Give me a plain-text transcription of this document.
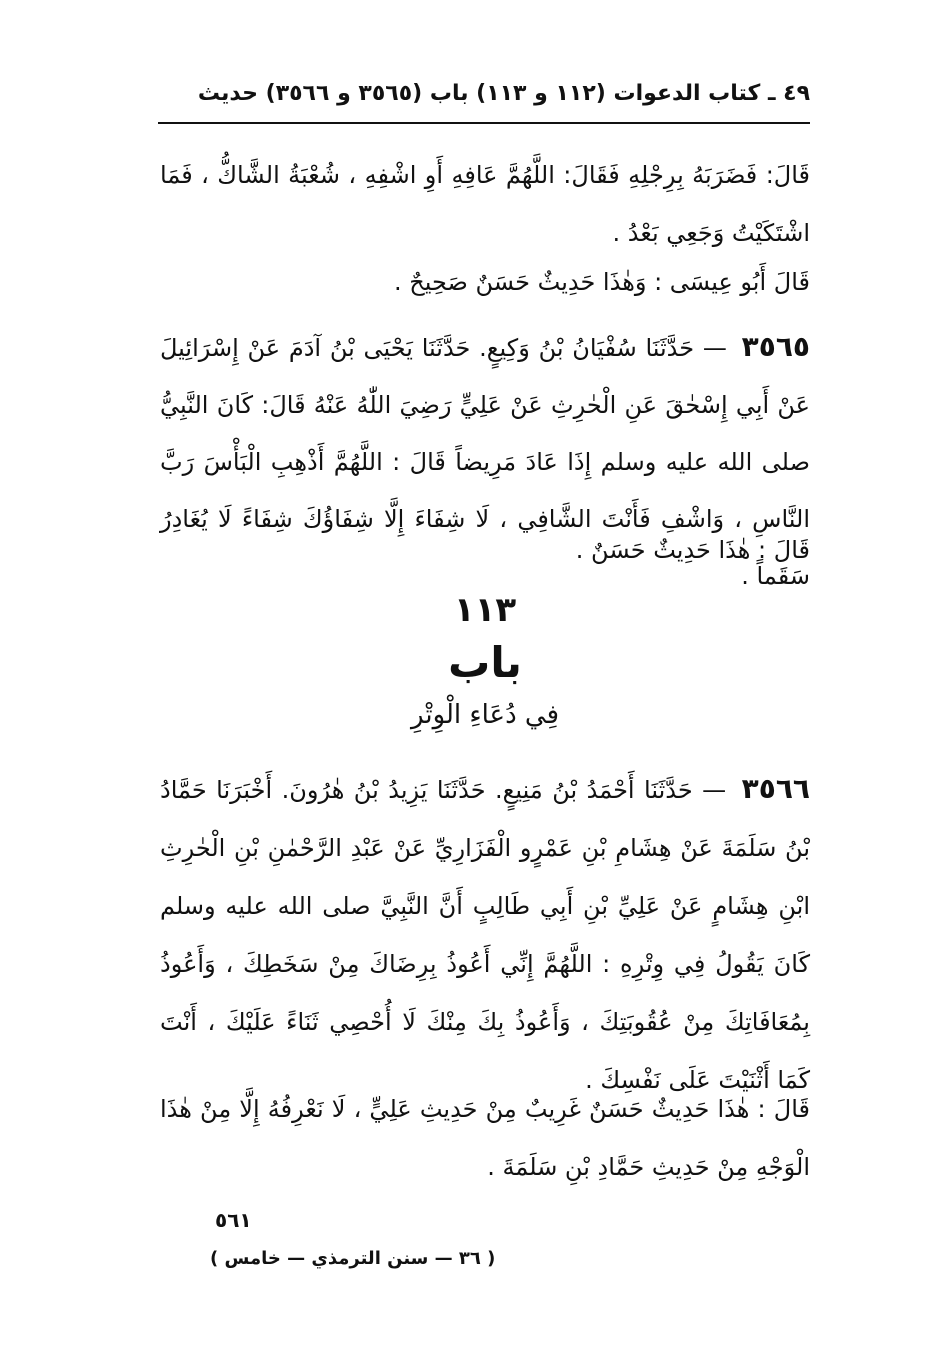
٤٩ ـ كتاب الدعوات (١١٢ و ١١٣) باب (٣٥٦٥ و ٣٥٦٦) حديث
قَالَ: فَضَرَبَهُ بِرِجْلِهِ فَقَالَ: اللَّهُمَّ عَافِهِ أَوِ اشْفِهِ ، شُعْبَةُ الشَّاكُّ ، فَمَا اشْتَكَيْتُ وَجَعِي بَعْدُ .
قَالَ أَبُو عِيسَى : وَهٰذَا حَدِيثٌ حَسَنٌ صَحِيحٌ .
٣٥٦٥ — حَدَّثَنَا سُفْيَانُ بْنُ وَكِيعٍ. حَدَّثَنَا يَحْيَى بْنُ آدَمَ عَنْ إِسْرَائِيلَ عَنْ أَبِي إِسْحٰقَ عَنِ الْحٰرِثِ عَنْ عَلِيٍّ رَضِيَ اللّٰهُ عَنْهُ قَالَ: كَانَ النَّبِيُّ صلى الله عليه وسلم إِذَا عَادَ مَرِيضاً قَالَ : اللَّهُمَّ أَذْهِبِ الْبَأْسَ رَبَّ النَّاسِ ، وَاشْفِ فَأَنْتَ الشَّافِي ، لَا شِفَاءَ إِلَّا شِفَاؤُكَ شِفَاءً لَا يُغَادِرُ سَقَماً .
قَالَ : هٰذَا حَدِيثٌ حَسَنٌ .
١١٣
باب
فِي دُعَاءِ الْوِتْرِ
٣٥٦٦ — حَدَّثَنَا أَحْمَدُ بْنُ مَنِيعٍ. حَدَّثَنَا يَزِيدُ بْنُ هٰرُونَ. أَخْبَرَنَا حَمَّادُ بْنُ سَلَمَةَ عَنْ هِشَامِ بْنِ عَمْرٍو الْفَزَارِيِّ عَنْ عَبْدِ الرَّحْمٰنِ بْنِ الْحٰرِثِ ابْنِ هِشَامٍ عَنْ عَلِيِّ بْنِ أَبِي طَالِبٍ أَنَّ النَّبِيَّ صلى الله عليه وسلم كَانَ يَقُولُ فِي وِتْرِهِ : اللَّهُمَّ إِنِّي أَعُوذُ بِرِضَاكَ مِنْ سَخَطِكَ ، وَأَعُوذُ بِمُعَافَاتِكَ مِنْ عُقُوبَتِكَ ، وَأَعُوذُ بِكَ مِنْكَ لَا أُحْصِي ثَنَاءً عَلَيْكَ ، أَنْتَ كَمَا أَثْنَيْتَ عَلَى نَفْسِكَ .
قَالَ : هٰذَا حَدِيثٌ حَسَنٌ غَرِيبٌ مِنْ حَدِيثِ عَلِيٍّ ، لَا نَعْرِفُهُ إِلَّا مِنْ هٰذَا الْوَجْهِ مِنْ حَدِيثِ حَمَّادِ بْنِ سَلَمَةَ .
٥٦١
( ٣٦ — سنن الترمذي — خامس )
